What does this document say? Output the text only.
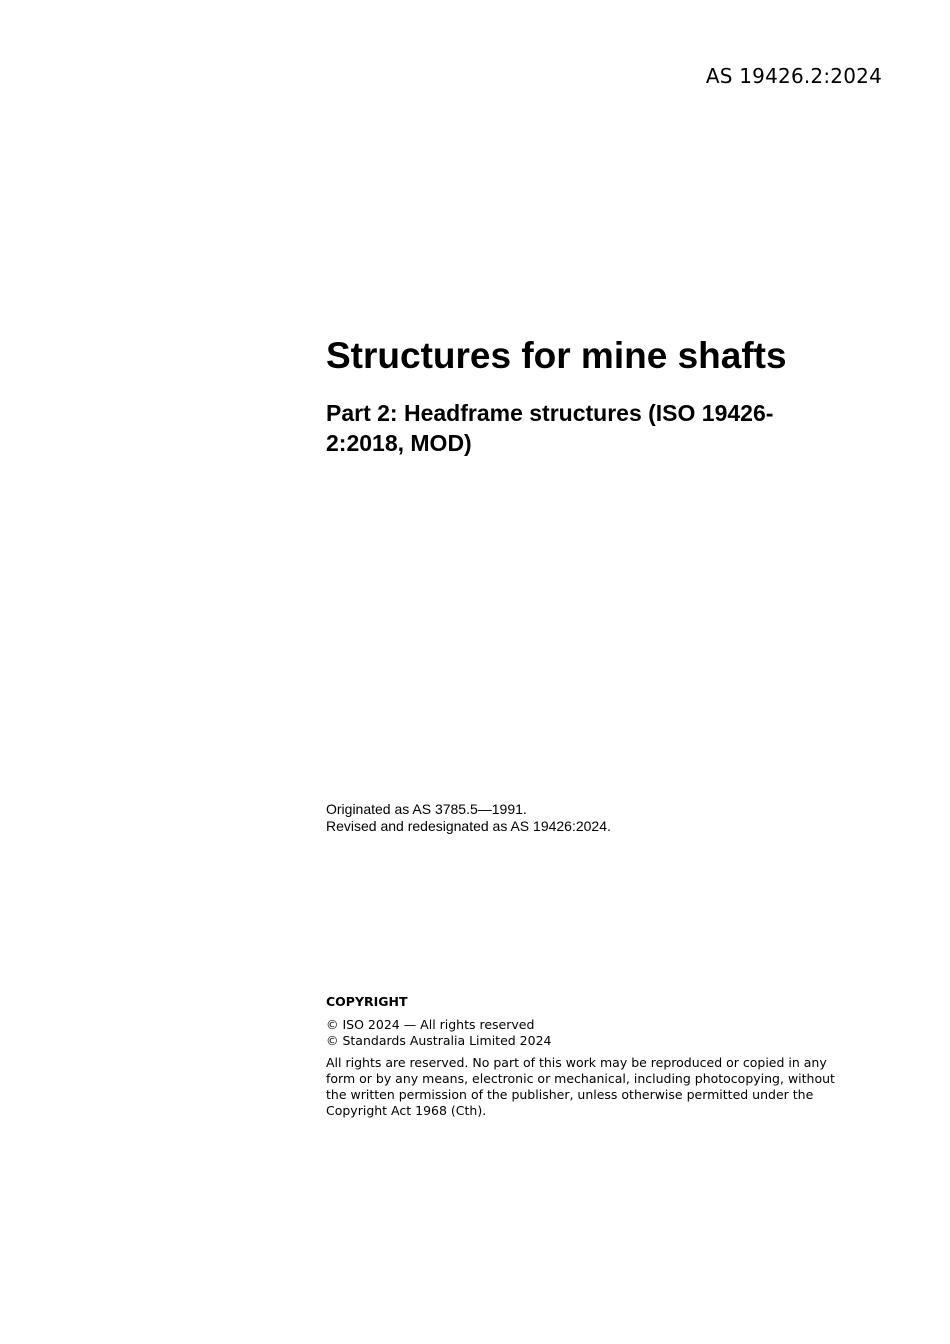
AS 19426.2:2024
Structures for mine shafts
Part 2: Headframe structures (ISO 19426-2:2018, MOD)

Originated as AS 3785.5—1991.

Revised and redesignated as AS 19426:2024.

COPYRIGHT

© ISO 2024 — All rights reserved

© Standards Australia Limited 2024

All rights are reserved. No part of this work may be reproduced or copied in any form or by any means, electronic or mechanical, including photocopying, without the written permission of the publisher, unless otherwise permitted under the Copyright Act 1968 (Cth).
